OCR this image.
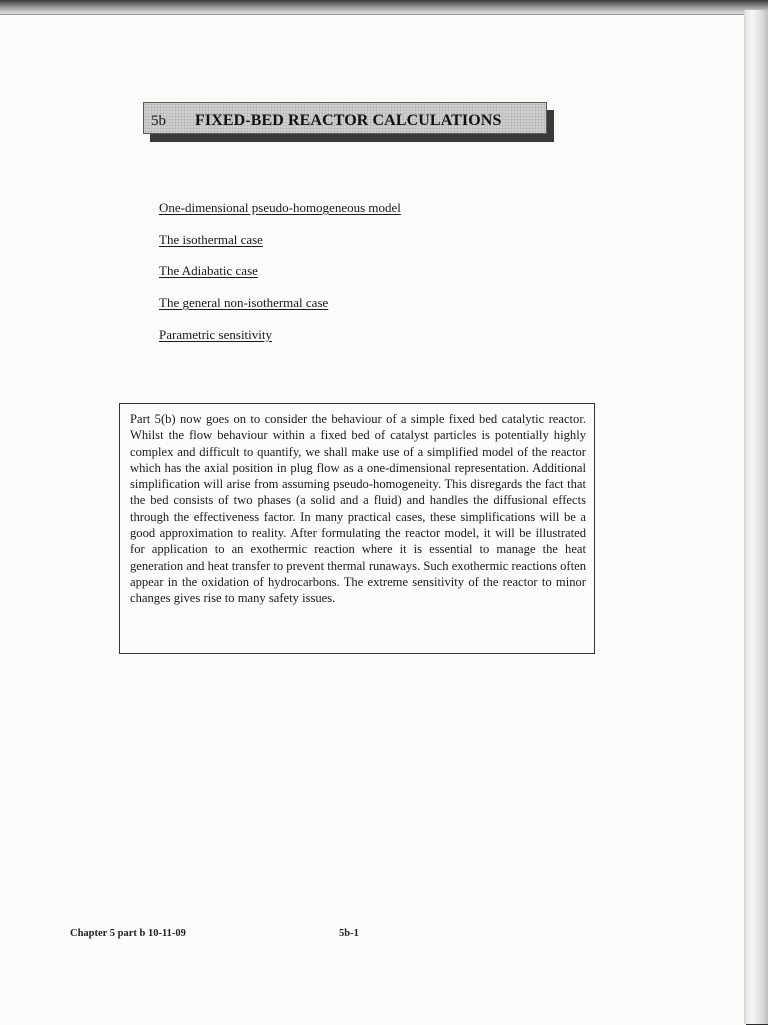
5b FIXED-BED REACTOR CALCULATIONS
One-dimensional pseudo-homogeneous model
The isothermal case
The Adiabatic case
The general non-isothermal case
Parametric sensitivity

Part 5(b) now goes on to consider the behaviour of a simple fixed bed catalytic reactor. Whilst the flow behaviour within a fixed bed of catalyst particles is potentially highly complex and difficult to quantify, we shall make use of a simplified model of the reactor which has the axial position in plug flow as a one-dimensional representation. Additional simplification will arise from assuming pseudo-homogeneity. This disregards the fact that the bed consists of two phases (a solid and a fluid) and handles the diffusional effects through the effectiveness factor. In many practical cases, these simplifications will be a good approximation to reality. After formulating the reactor model, it will be illustrated for application to an exothermic reaction where it is essential to manage the heat generation and heat transfer to prevent thermal runaways. Such exothermic reactions often appear in the oxidation of hydrocarbons. The extreme sensitivity of the reactor to minor changes gives rise to many safety issues.

Chapter 5 part b 10-11-09	5b-1
